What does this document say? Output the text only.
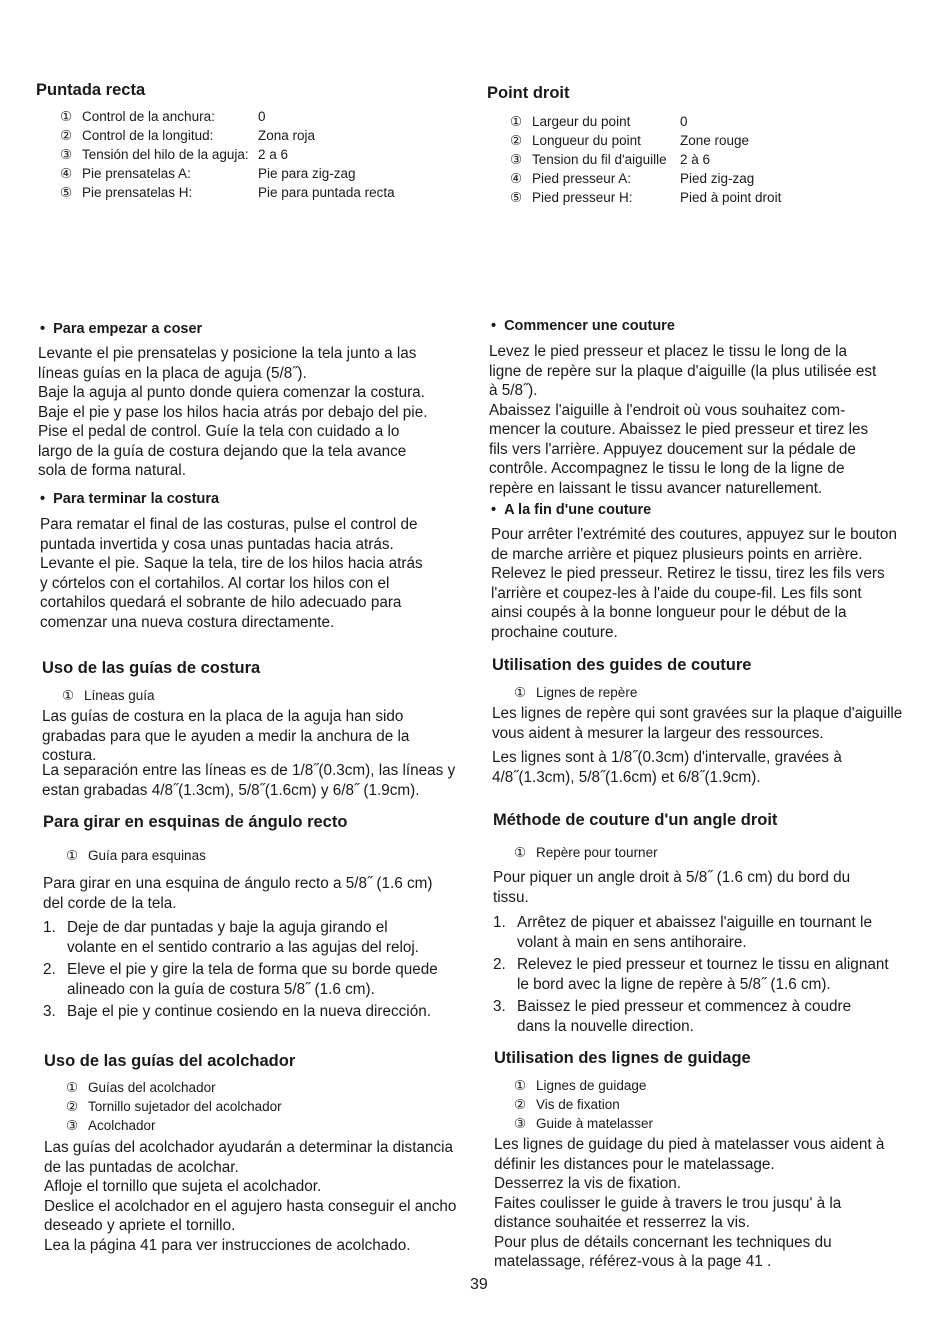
Puntada recta
① Control de la anchura:	0
② Control de la longitud:	Zona roja
③ Tensión del hilo de la aguja: 2 a 6
④ Pie prensatelas A:	Pie para zig-zag
⑤ Pie prensatelas H:	Pie para puntada recta
• Para empezar a coser
Levante el pie prensatelas y posicione la tela junto a las
líneas guías en la placa de aguja (5/8˝).
Baje la aguja al punto donde quiera comenzar la costura.
Baje el pie y pase los hilos hacia atrás por debajo del pie.
Pise el pedal de control. Guíe la tela con cuidado a lo
largo de la guía de costura dejando que la tela avance
sola de forma natural.
• Para terminar la costura
Para rematar el final de las costuras, pulse el control de
puntada invertida y cosa unas puntadas hacia atrás.
Levante el pie. Saque la tela, tire de los hilos hacia atrás
y córtelos con el cortahilos. Al cortar los hilos con el
cortahilos quedará el sobrante de hilo adecuado para
comenzar una nueva costura directamente.
Uso de las guías de costura
① Líneas guía
Las guías de costura en la placa de la aguja han sido
grabadas para que le ayuden a medir la anchura de la
costura.
La separación entre las líneas es de 1/8˝(0.3cm), las líneas y
estan grabadas 4/8˝(1.3cm), 5/8˝(1.6cm) y 6/8˝ (1.9cm).
Para girar en esquinas de ángulo recto
① Guía para esquinas
Para girar en una esquina de ángulo recto a 5/8˝ (1.6 cm)
del corde de la tela.
1. Deje de dar puntadas y baje la aguja girando el
volante en el sentido contrario a las agujas del reloj.
2. Eleve el pie y gire la tela de forma que su borde quede
alineado con la guía de costura 5/8˝ (1.6 cm).
3. Baje el pie y continue cosiendo en la nueva dirección.
Uso de las guías del acolchador
① Guías del acolchador
② Tornillo sujetador del acolchador
③ Acolchador
Las guías del acolchador ayudarán a determinar la distancia
de las puntadas de acolchar.
Afloje el tornillo que sujeta el acolchador.
Deslice el acolchador en el agujero hasta conseguir el ancho
deseado y apriete el tornillo.
Lea la página 41 para ver instrucciones de acolchado.
Point droit
① Largeur du point	0
② Longueur du point	Zone rouge
③ Tension du fil d'aiguille 2 à 6
④ Pied presseur A:	Pied zig-zag
⑤ Pied presseur H:	Pied à point droit
• Commencer une couture
Levez le pied presseur et placez le tissu le long de la
ligne de repère sur la plaque d'aiguille (la plus utilisée est
à 5/8˝).
Abaissez l'aiguille à l'endroit où vous souhaitez com-
mencer la couture. Abaissez le pied presseur et tirez les
fils vers l'arrière. Appuyez doucement sur la pédale de
contrôle. Accompagnez le tissu le long de la ligne de
repère en laissant le tissu avancer naturellement.
• A la fin d'une couture
Pour arrêter l'extrémité des coutures, appuyez sur le bouton
de marche arrière et piquez plusieurs points en arrière.
Relevez le pied presseur. Retirez le tissu, tirez les fils vers
l'arrière et coupez-les à l'aide du coupe-fil. Les fils sont
ainsi coupés à la bonne longueur pour le début de la
prochaine couture.
Utilisation des guides de couture
① Lignes de repère
Les lignes de repère qui sont gravées sur la plaque d'aiguille
vous aident à mesurer la largeur des ressources.
Les lignes sont à 1/8˝(0.3cm) d'intervalle, gravées à
4/8˝(1.3cm), 5/8˝(1.6cm) et 6/8˝(1.9cm).
Méthode de couture d'un angle droit
① Repère pour tourner
Pour piquer un angle droit à 5/8˝ (1.6 cm) du bord du
tissu.
1. Arrêtez de piquer et abaissez l'aiguille en tournant le
volant à main en sens antihoraire.
2. Relevez le pied presseur et tournez le tissu en alignant
le bord avec la ligne de repère à 5/8˝ (1.6 cm).
3. Baissez le pied presseur et commencez à coudre
dans la nouvelle direction.
Utilisation des lignes de guidage
① Lignes de guidage
② Vis de fixation
③ Guide à matelasser
Les lignes de guidage du pied à matelasser vous aident à
définir les distances pour le matelassage.
Desserrez la vis de fixation.
Faites coulisser le guide à travers le trou jusqu' à la
distance souhaitée et resserrez la vis.
Pour plus de détails concernant les techniques du
matelassage, référez-vous à la page 41 .
39
